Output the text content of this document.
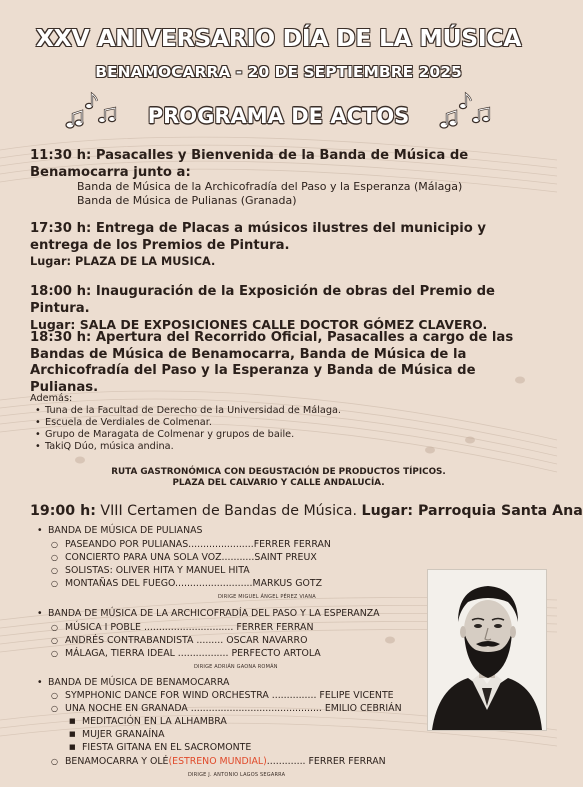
XXV ANIVERSARIO DÍA DE LA MÚSICA
BENAMOCARRA - 20 DE SEPTIEMBRE 2025
PROGRAMA DE ACTOS
11:30 h: Pasacalles y Bienvenida de la Banda de Música de
Benamocarra junto a:
Banda de Música de la Archicofradía del Paso y la Esperanza (Málaga)
Banda de Música de Pulianas (Granada)
17:30 h: Entrega de Placas a músicos ilustres del municipio y
entrega de los Premios de Pintura.
Lugar: PLAZA DE LA MUSICA.
18:00 h: Inauguración de la Exposición de obras del Premio de Pintura.
Lugar: SALA DE EXPOSICIONES CALLE DOCTOR GÓMEZ CLAVERO.
18:30 h: Apertura del Recorrido Oficial, Pasacalles a cargo de las
Bandas de Música de Benamocarra, Banda de Música de la
Archicofradía del Paso y la Esperanza y Banda de Música de Pulianas.
Además:
• Tuna de la Facultad de Derecho de la Universidad de Málaga.
• Escuela de Verdiales de Colmenar.
• Grupo de Maragata de Colmenar y grupos de baile.
• TakiQ Dúo, música andina.
RUTA GASTRONÓMICA CON DEGUSTACIÓN DE PRODUCTOS TÍPICOS.
PLAZA DEL CALVARIO Y CALLE ANDALUCÍA.
19:00 h: VIII Certamen de Bandas de Música. Lugar: Parroquia Santa Ana
• BANDA DE MÚSICA DE PULIANAS
○ PASEANDO POR PULIANAS......................FERRER FERRAN
○ CONCIERTO PARA UNA SOLA VOZ...........SAINT PREUX
○ SOLISTAS: OLIVER HITA Y MANUEL HITA
○ MONTAÑAS DEL FUEGO..........................MARKUS GOTZ
DIRIGE MIGUEL ÁNGEL PÉREZ VIANA
• BANDA DE MÚSICA DE LA ARCHICOFRADÍA DEL PASO Y LA ESPERANZA
○ MÚSICA I POBLE .............................. FERRER FERRAN
○ ANDRÉS CONTRABANDISTA ......... OSCAR NAVARRO
○ MÁLAGA, TIERRA IDEAL ................. PERFECTO ARTOLA
DIRIGE ADRIÁN GAONA ROMÁN
• BANDA DE MÚSICA DE BENAMOCARRA
○ SYMPHONIC DANCE FOR WIND ORCHESTRA ............... FELIPE VICENTE
○ UNA NOCHE EN GRANADA ............................................ EMILIO CEBRIÁN
■ MEDITACIÓN EN LA ALHAMBRA
■ MUJER GRANAÍNA
■ FIESTA GITANA EN EL SACROMONTE
○ BENAMOCARRA Y OLÉ(ESTRENO MUNDIAL)............. FERRER FERRAN
DIRIGE J. ANTONIO LAGOS SEGARRA
